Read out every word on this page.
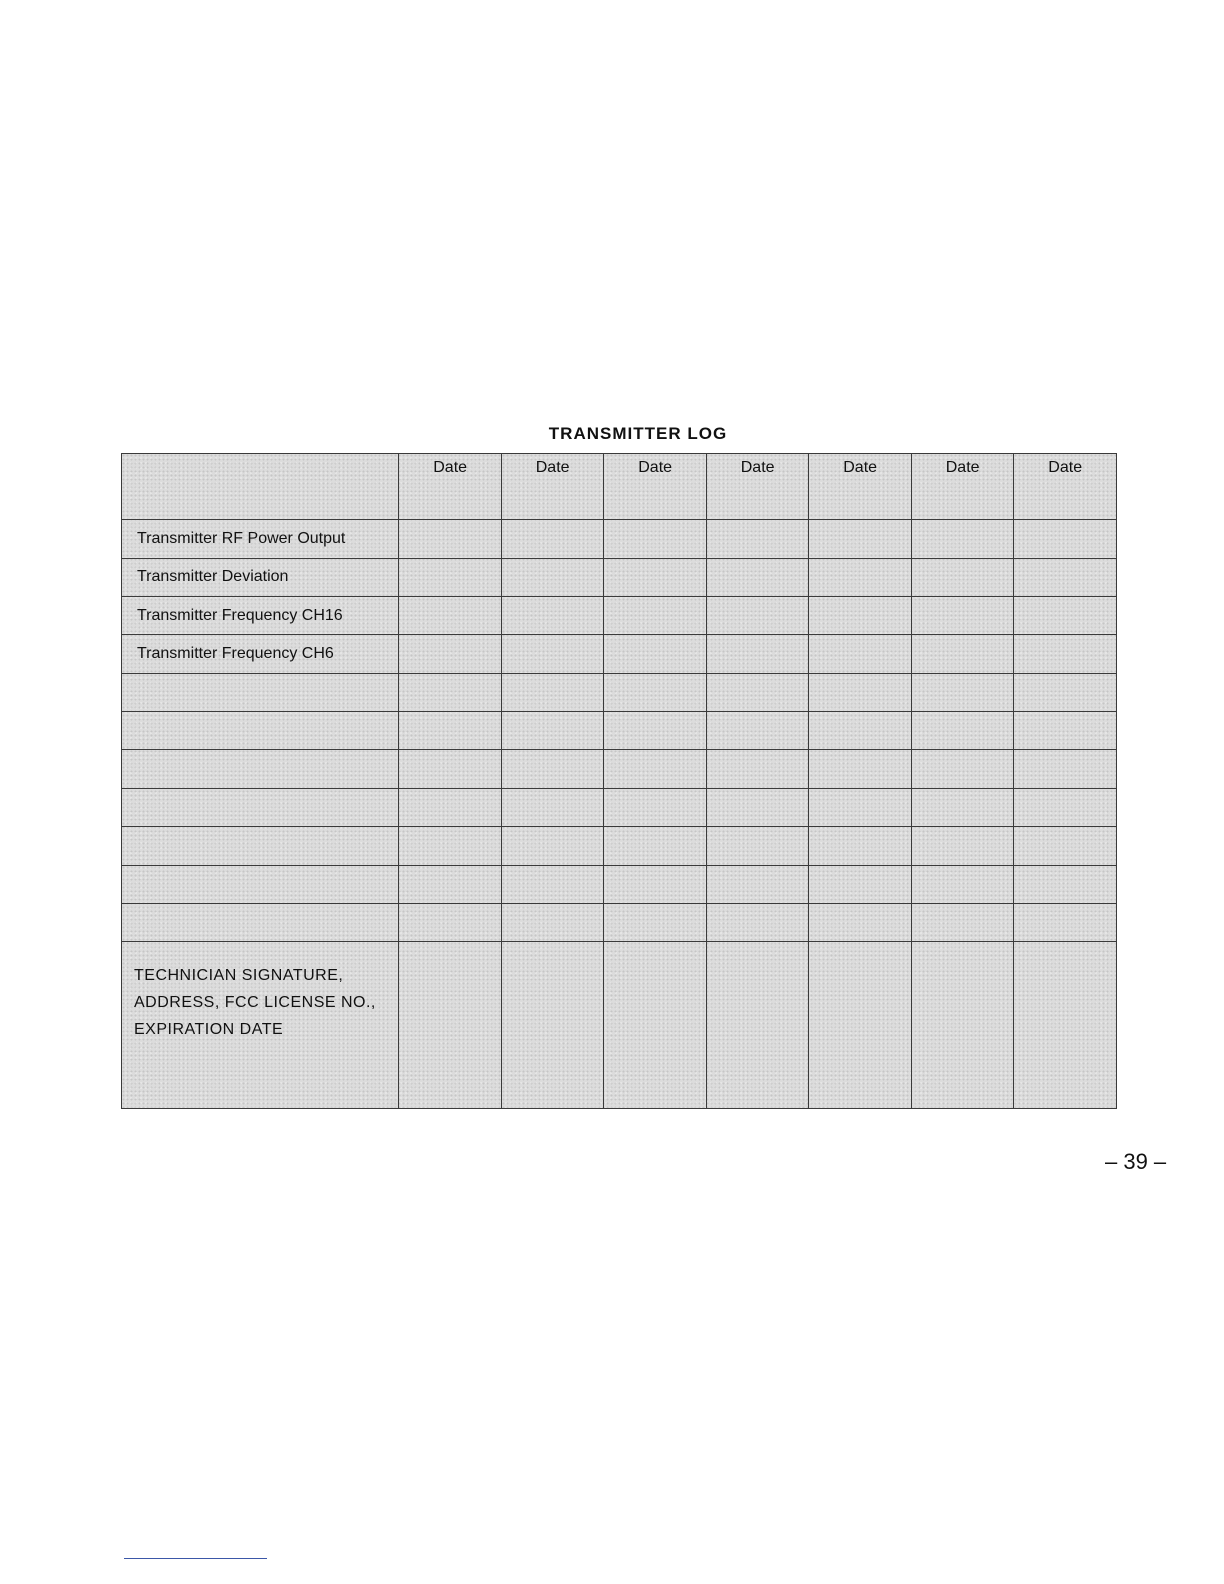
TRANSMITTER LOG
	Date	Date	Date	Date	Date	Date	Date
Transmitter RF Power Output							
Transmitter Deviation							
Transmitter Frequency CH16							
Transmitter Frequency CH6							

TECHNICIAN SIGNATURE,
ADDRESS, FCC LICENSE NO.,
EXPIRATION DATE							

– 39 –
